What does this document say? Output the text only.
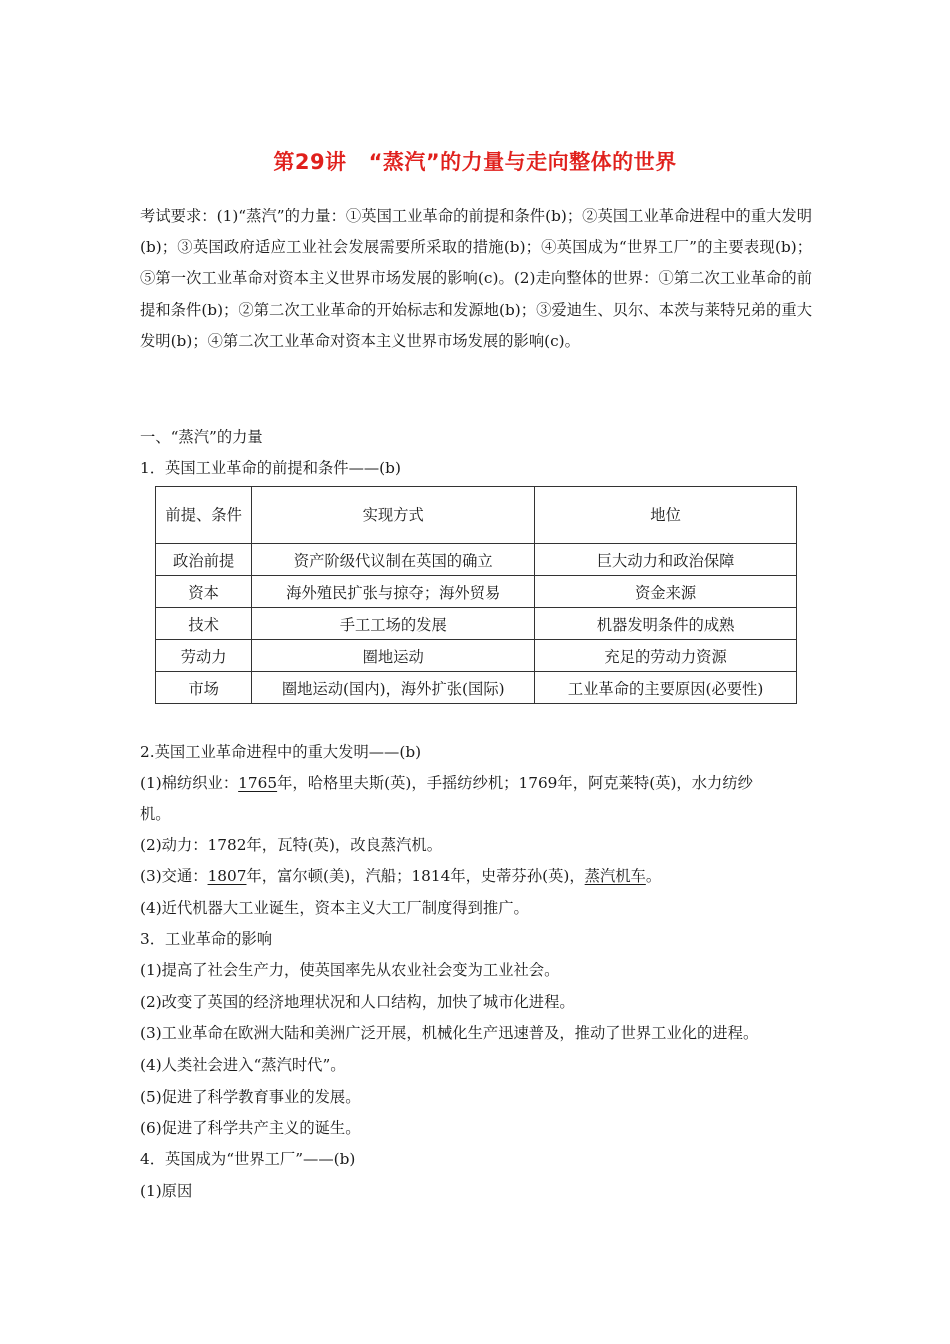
第29讲 “蒸汽”的力量与走向整体的世界
考试要求：(1)“蒸汽”的力量：①英国工业革命的前提和条件(b)；②英国工业革命进程中的重大发明(b)；③英国政府适应工业社会发展需要所采取的措施(b)；④英国成为“世界工厂”的主要表现(b)；⑤第一次工业革命对资本主义世界市场发展的影响(c)。(2)走向整体的世界：①第二次工业革命的前提和条件(b)；②第二次工业革命的开始标志和发源地(b)；③爱迪生、贝尔、本茨与莱特兄弟的重大发明(b)；④第二次工业革命对资本主义世界市场发展的影响(c)。
一、“蒸汽”的力量
1．英国工业革命的前提和条件——(b)
前提、条件	实现方式	地位
政治前提	资产阶级代议制在英国的确立	巨大动力和政治保障
资本	海外殖民扩张与掠夺；海外贸易	资金来源
技术	手工工场的发展	机器发明条件的成熟
劳动力	圈地运动	充足的劳动力资源
市场	圈地运动(国内)，海外扩张(国际)	工业革命的主要原因(必要性)
2.英国工业革命进程中的重大发明——(b)
(1)棉纺织业：1765年，哈格里夫斯(英)，手摇纺纱机；1769年，阿克莱特(英)，水力纺纱
机。
(2)动力：1782年，瓦特(英)，改良蒸汽机。
(3)交通：1807年，富尔顿(美)，汽船；1814年，史蒂芬孙(英)，蒸汽机车。
(4)近代机器大工业诞生，资本主义大工厂制度得到推广。
3．工业革命的影响
(1)提高了社会生产力，使英国率先从农业社会变为工业社会。
(2)改变了英国的经济地理状况和人口结构，加快了城市化进程。
(3)工业革命在欧洲大陆和美洲广泛开展，机械化生产迅速普及，推动了世界工业化的进程。
(4)人类社会进入“蒸汽时代”。
(5)促进了科学教育事业的发展。
(6)促进了科学共产主义的诞生。
4．英国成为“世界工厂”——(b)
(1)原因
